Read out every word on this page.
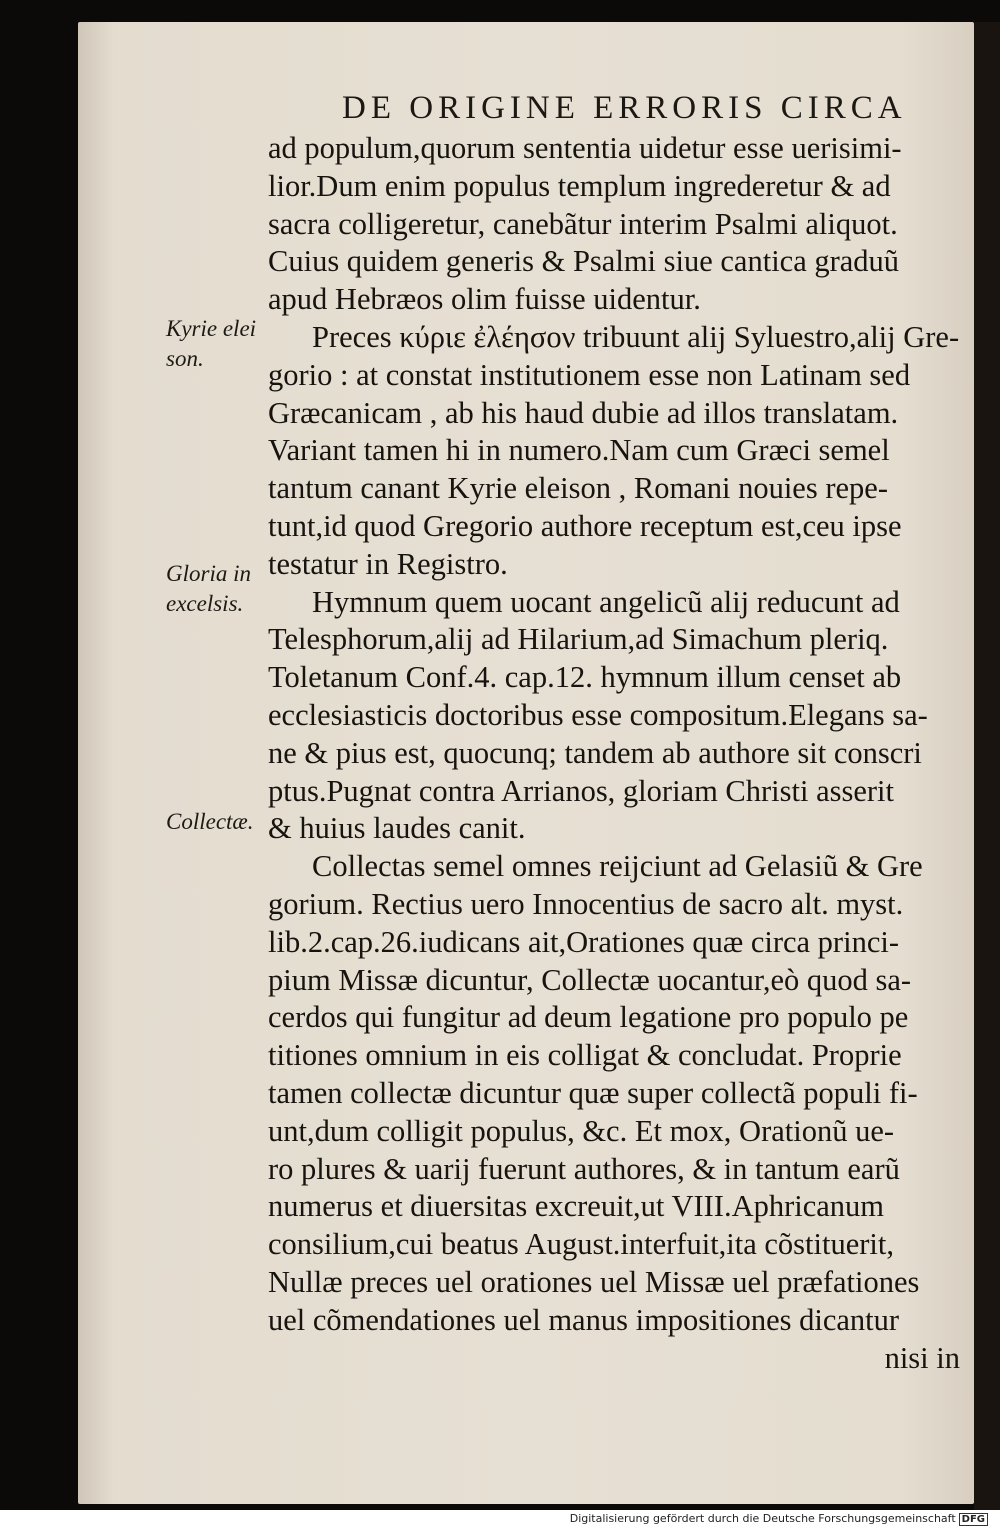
DE ORIGINE ERRORIS CIRCA
Kyrie elei
son.
Gloria in
excelsis.
Collectæ.
ad populum,quorum sententia uidetur esse uerisimi-
lior.Dum enim populus templum ingrederetur & ad
sacra colligeretur, canebãtur interim Psalmi aliquot.
Cuius quidem generis & Psalmi siue cantica graduũ
apud Hebræos olim fuisse uidentur.
Preces κύριε ἐλέησον tribuunt alij Syluestro,alij Gre-
gorio : at constat institutionem esse non Latinam sed
Græcanicam , ab his haud dubie ad illos translatam.
Variant tamen hi in numero.Nam cum Græci semel
tantum canant Kyrie eleison , Romani nouies repe-
tunt,id quod Gregorio authore receptum est,ceu ipse
testatur in Registro.
Hymnum quem uocant angelicũ alij reducunt ad
Telesphorum,alij ad Hilarium,ad Simachum plerіq.
Toletanum Conf.4. cap.12. hymnum illum censet ab
ecclesiasticis doctoribus esse compositum.Elegans sa-
ne & pius est, quocunq; tandem ab authore sit conscri
ptus.Pugnat contra Arrianos, gloriam Christi asserit
& huius laudes canit.
Collectas semel omnes reijciunt ad Gelasiũ & Gre
gorium. Rectius uero Innocentius de sacro alt. myst.
lib.2.cap.26.iudicans ait,Orationes quæ circa princi-
pium Missæ dicuntur, Collectæ uocantur,eò quod sa-
cerdos qui fungitur ad deum legatione pro populo pe
titiones omnium in eis colligat & concludat. Proprie
tamen collectæ dicuntur quæ super collectã populi fi-
unt,dum colligit populus, &c. Et mox, Orationũ ue-
ro plures & uarij fuerunt authores, & in tantum earũ
numerus et diuersitas excreuit,ut VIII.Aphricanum
consilium,cui beatus August.interfuit,ita cõstituerit,
Nullæ preces uel orationes uel Missæ uel præfationes
uel cõmendationes uel manus impositiones dicantur
nisi in
Digitalisierung gefördert durch die Deutsche Forschungsgemeinschaft DFG
